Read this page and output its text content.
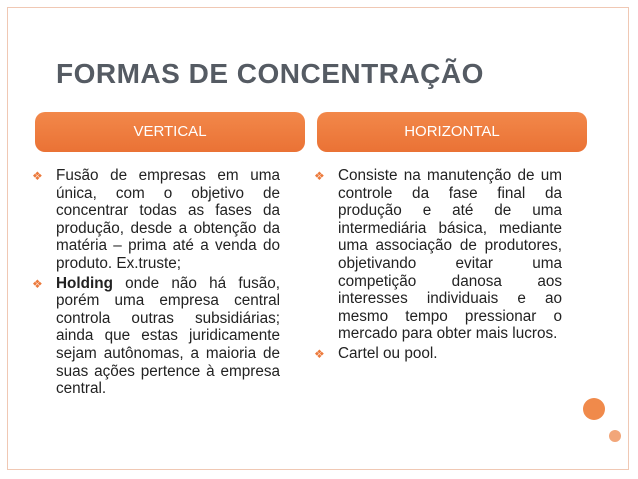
FORMAS DE CONCENTRAÇÃO
VERTICAL	HORIZONTAL
❖ Fusão de empresas em uma única, com o objetivo de concentrar todas as fases da produção, desde a obtenção da matéria – prima até a venda do produto. Ex.truste;
❖ Holding onde não há fusão, porém uma empresa central controla outras subsidiárias; ainda que estas juridicamente sejam autônomas, a maioria de suas ações pertence à empresa central.
❖ Consiste na manutenção de um controle da fase final da produção e até de uma intermediária básica, mediante uma associação de produtores, objetivando evitar uma competição danosa aos interesses individuais e ao mesmo tempo pressionar o mercado para obter mais lucros.
❖ Cartel ou pool.
